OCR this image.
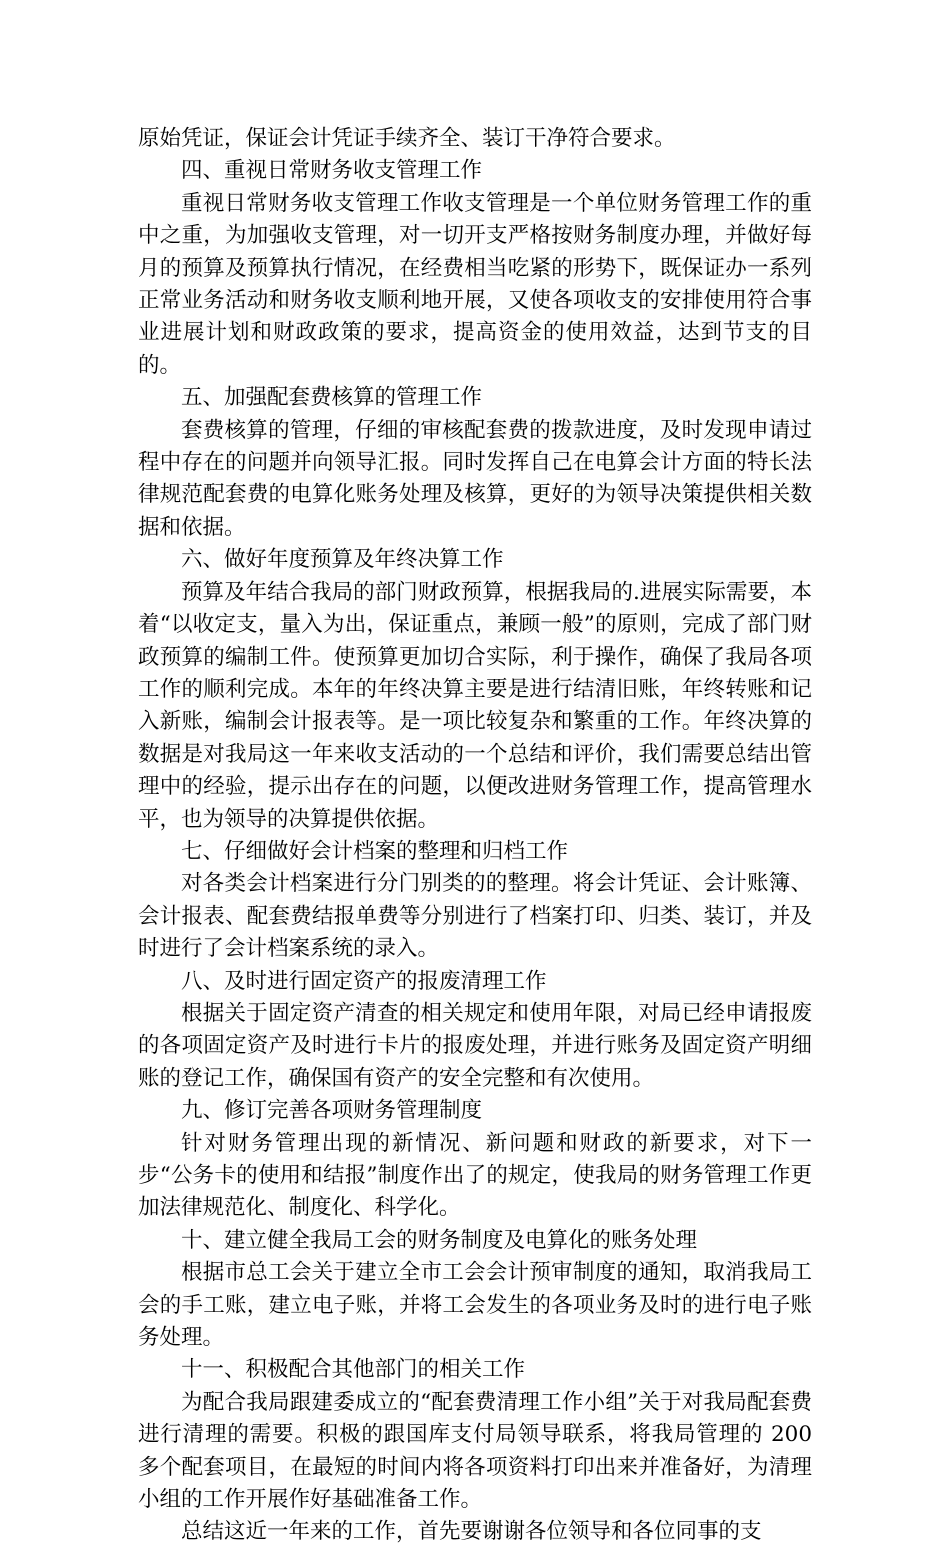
原始凭证，保证会计凭证手续齐全、装订干净符合要求。

四、重视日常财务收支管理工作

重视日常财务收支管理工作收支管理是一个单位财务管理工作的重中之重，为加强收支管理，对一切开支严格按财务制度办理，并做好每月的预算及预算执行情况，在经费相当吃紧的形势下，既保证办一系列正常业务活动和财务收支顺利地开展，又使各项收支的安排使用符合事业进展计划和财政政策的要求，提高资金的使用效益，达到节支的目的。

五、加强配套费核算的管理工作

套费核算的管理，仔细的审核配套费的拨款进度，及时发现申请过程中存在的问题并向领导汇报。同时发挥自己在电算会计方面的特长法律规范配套费的电算化账务处理及核算，更好的为领导决策提供相关数据和依据。

六、做好年度预算及年终决算工作

预算及年结合我局的部门财政预算，根据我局的.进展实际需要，本着“以收定支，量入为出，保证重点，兼顾一般”的原则，完成了部门财政预算的编制工件。使预算更加切合实际，利于操作，确保了我局各项工作的顺利完成。本年的年终决算主要是进行结清旧账，年终转账和记入新账，编制会计报表等。是一项比较复杂和繁重的工作。年终决算的数据是对我局这一年来收支活动的一个总结和评价，我们需要总结出管理中的经验，提示出存在的问题，以便改进财务管理工作，提高管理水平，也为领导的决算提供依据。

七、仔细做好会计档案的整理和归档工作

对各类会计档案进行分门别类的的整理。将会计凭证、会计账簿、会计报表、配套费结报单费等分别进行了档案打印、归类、装订，并及时进行了会计档案系统的录入。

八、及时进行固定资产的报废清理工作

根据关于固定资产清查的相关规定和使用年限，对局已经申请报废的各项固定资产及时进行卡片的报废处理，并进行账务及固定资产明细账的登记工作，确保国有资产的安全完整和有次使用。

九、修订完善各项财务管理制度

针对财务管理出现的新情况、新问题和财政的新要求，对下一步“公务卡的使用和结报”制度作出了的规定，使我局的财务管理工作更加法律规范化、制度化、科学化。

十、建立健全我局工会的财务制度及电算化的账务处理

根据市总工会关于建立全市工会会计预审制度的通知，取消我局工会的手工账，建立电子账，并将工会发生的各项业务及时的进行电子账务处理。

十一、积极配合其他部门的相关工作

为配合我局跟建委成立的“配套费清理工作小组”关于对我局配套费进行清理的需要。积极的跟国库支付局领导联系，将我局管理的 200 多个配套项目，在最短的时间内将各项资料打印出来并准备好，为清理小组的工作开展作好基础准备工作。

总结这近一年来的工作，首先要谢谢各位领导和各位同事的支
